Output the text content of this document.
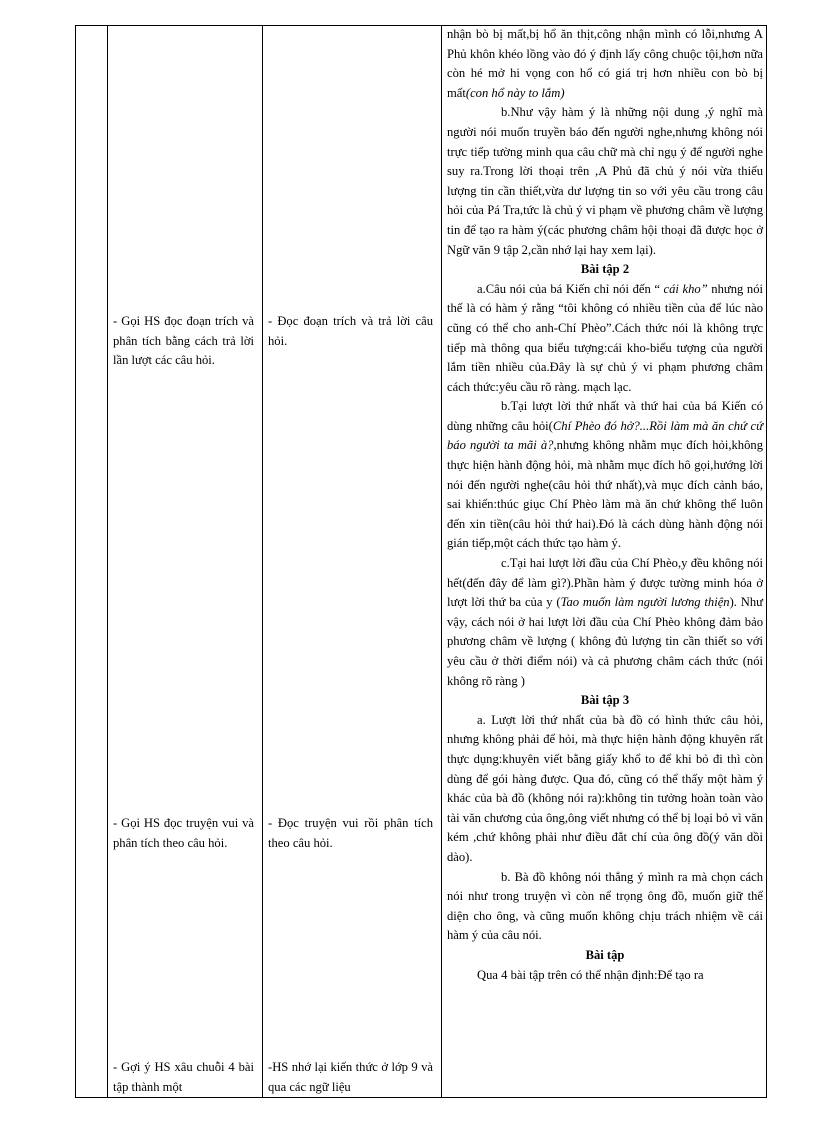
- Gọi HS đọc đoạn trích và phân tích bằng cách trả lời lần lượt các câu hỏi.

- Gọi HS đọc truyện vui và phân tích theo câu hỏi.

- Gợi ý HS xâu chuỗi 4 bài tập thành một

- Đọc đoạn trích và trả lời câu hỏi.

- Đọc truyện vui rồi phân tích theo câu hỏi.

-HS nhớ lại kiến thức ở lớp 9 và qua các ngữ liệu

nhận bò bị mất,bị hổ ăn thịt,công nhận mình có lỗi,nhưng A Phủ khôn khéo lồng vào đó ý định lấy công chuộc tội,hơn nữa còn hé mở hi vọng con hổ có giá trị hơn nhiều con bò bị mất(con hổ này to lắm)

b.Như vậy hàm ý là những nội dung ,ý nghĩ mà người nói muốn truyền báo đến người nghe,nhưng không nói trực tiếp tường minh qua câu chữ mà chỉ ngụ ý để người nghe suy ra.Trong lời thoại trên ,A Phủ đã chủ ý nói vừa thiếu lượng tin cần thiết,vừa dư lượng tin so với yêu cầu trong câu hỏi của Pá Tra,tức là chủ ý vi phạm về phương châm về lượng tin để tạo ra hàm ý(các phương châm hội thoại đã được học ở Ngữ văn 9 tập 2,cần nhớ lại hay xem lại).

Bài tập 2

a.Câu nói của bá Kiến chỉ nói đến “ cái kho” nhưng nói thế là có hàm ý rằng “tôi không có nhiều tiền của để lúc nào cũng có thể cho anh-Chí Phèo”.Cách thức nói là không trực tiếp mà thông qua biểu tượng:cái kho-biểu tượng của người lắm tiền nhiều của.Đây là sự chủ ý vi phạm phương châm cách thức:yêu cầu rõ ràng. mạch lạc.

b.Tại lượt lời thứ nhất và thứ hai của bá Kiến có dùng những câu hỏi(Chí Phèo đó hở?...Rồi làm mà ăn chứ cứ báo người ta mãi à?,nhưng không nhằm mục đích hỏi,không thực hiện hành động hỏi, mà nhằm mục đích hô gọi,hướng lời nói đến người nghe(câu hỏi thứ nhất),và mục đích cảnh báo, sai khiến:thúc giục Chí Phèo làm mà ăn chứ không thể luôn đến xin tiền(câu hỏi thứ hai).Đó là cách dùng hành động nói gián tiếp,một cách thức tạo hàm ý.

c.Tại hai lượt lời đầu của Chí Phèo,y đều không nói hết(đến đây để làm gì?).Phần hàm ý được tường minh hóa ở lượt lời thứ ba của y (Tao muốn làm người lương thiện). Như vậy, cách nói ở hai lượt lời đầu của Chí Phèo không đảm bảo phương châm về lượng ( không đủ lượng tin cần thiết so với yêu cầu ở thời điểm nói) và cả phương châm cách thức (nói không rõ ràng )

Bài tập 3

a. Lượt lời thứ nhất của bà đồ có hình thức câu hỏi, nhưng không phải để hỏi, mà thực hiện hành động khuyên rất thực dụng:khuyên viết bằng giấy khổ to để khi bỏ đi thì còn dùng để gói hàng được. Qua đó, cũng có thể thấy một hàm ý khác của bà đồ (không nói ra):không tin tưởng hoàn toàn vào tài văn chương của ông,ông viết nhưng có thể bị loại bỏ vì văn kém ,chứ không phải như điều đắt chí của ông đồ(ý văn dồi dào).

b. Bà đồ không nói thẳng ý mình ra mà chọn cách nói như trong truyện vì còn nể trọng ông đồ, muốn giữ thể diện cho ông, và cũng muốn không chịu trách nhiệm về cái hàm ý của câu nói.

Bài tập

Qua 4 bài tập trên có thể nhận định:Để tạo ra
